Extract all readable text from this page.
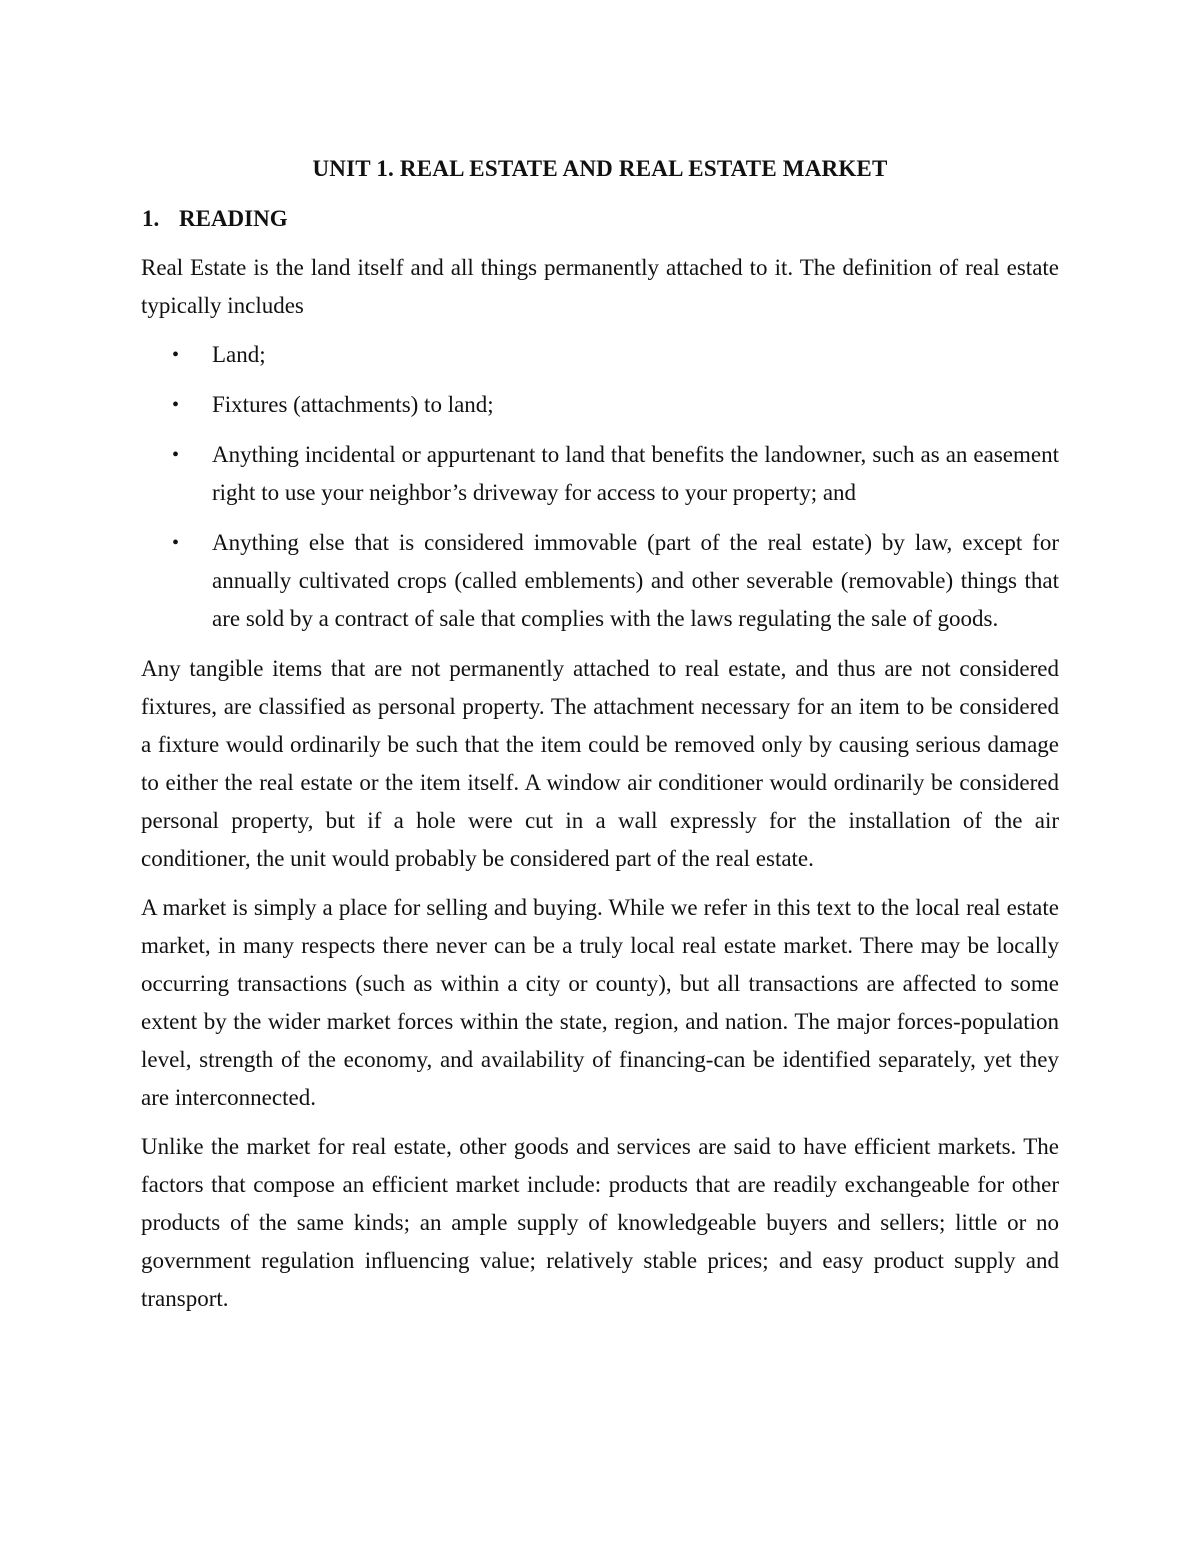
UNIT 1. REAL ESTATE AND REAL ESTATE MARKET
1. READING

Real Estate is the land itself and all things permanently attached to it. The definition of real estate typically includes

• Land;
• Fixtures (attachments) to land;
• Anything incidental or appurtenant to land that benefits the landowner, such as an easement right to use your neighbor’s driveway for access to your property; and
• Anything else that is considered immovable (part of the real estate) by law, except for annually cultivated crops (called emblements) and other severable (removable) things that are sold by a contract of sale that complies with the laws regulating the sale of goods.

Any tangible items that are not permanently attached to real estate, and thus are not considered fixtures, are classified as personal property. The attachment necessary for an item to be considered a fixture would ordinarily be such that the item could be removed only by causing serious damage to either the real estate or the item itself. A window air conditioner would ordinarily be considered personal property, but if a hole were cut in a wall expressly for the installation of the air conditioner, the unit would probably be considered part of the real estate.

A market is simply a place for selling and buying. While we refer in this text to the local real estate market, in many respects there never can be a truly local real estate market. There may be locally occurring transactions (such as within a city or county), but all transactions are affected to some extent by the wider market forces within the state, region, and nation. The major forces-population level, strength of the economy, and availability of financing-can be identified separately, yet they are interconnected.

Unlike the market for real estate, other goods and services are said to have efficient markets. The factors that compose an efficient market include: products that are readily exchangeable for other products of the same kinds; an ample supply of knowledgeable buyers and sellers; little or no government regulation influencing value; relatively stable prices; and easy product supply and transport.
